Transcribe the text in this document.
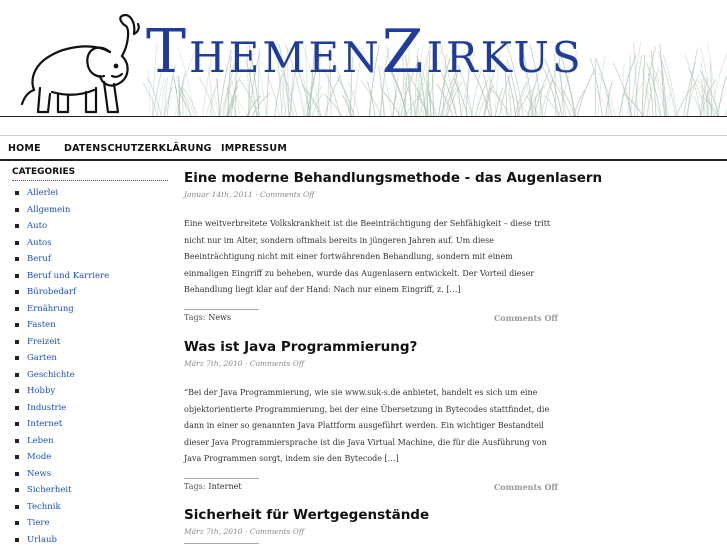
THEMENZIRKUS
HOME DATENSCHUTZERKLÄRUNG IMPRESSUM
CATEGORIES
Allerlei
Allgemein
Auto
Autos
Beruf
Beruf und Karriere
Bürobedarf
Ernährung
Fasten
Freizeit
Garten
Geschichte
Hobby
Industrie
Internet
Leben
Mode
News
Sicherheit
Technik
Tiere
Urlaub
Eine moderne Behandlungsmethode - das Augenlasern
Januar 14th, 2011 · Comments Off
Eine weitverbreitete Volkskrankheit ist die Beeinträchtigung der Sehfähigkeit – diese tritt nicht nur im Alter, sondern oftmals bereits in jüngeren Jahren auf. Um diese Beeinträchtigung nicht mit einer fortwährenden Behandlung, sondern mit einem einmaligen Eingriff zu beheben, wurde das Augenlasern entwickelt. Der Vorteil dieser Behandlung liegt klar auf der Hand: Nach nur einem Eingriff, z. […]
Tags: News	Comments Off
Was ist Java Programmierung?
März 7th, 2010 · Comments Off
“Bei der Java Programmierung, wie sie www.suk-s.de anbietet, handelt es sich um eine objektorientierte Programmierung, bei der eine Übersetzung in Bytecodes stattfindet, die dann in einer so genannten Java Plattform ausgeführt werden. Ein wichtiger Bestandteil dieser Java Programmiersprache ist die Java Virtual Machine, die für die Ausführung von Java Programmen sorgt, indem sie den Bytecode […]
Tags: Internet	Comments Off
Sicherheit für Wertgegenstände
März 7th, 2010 · Comments Off
